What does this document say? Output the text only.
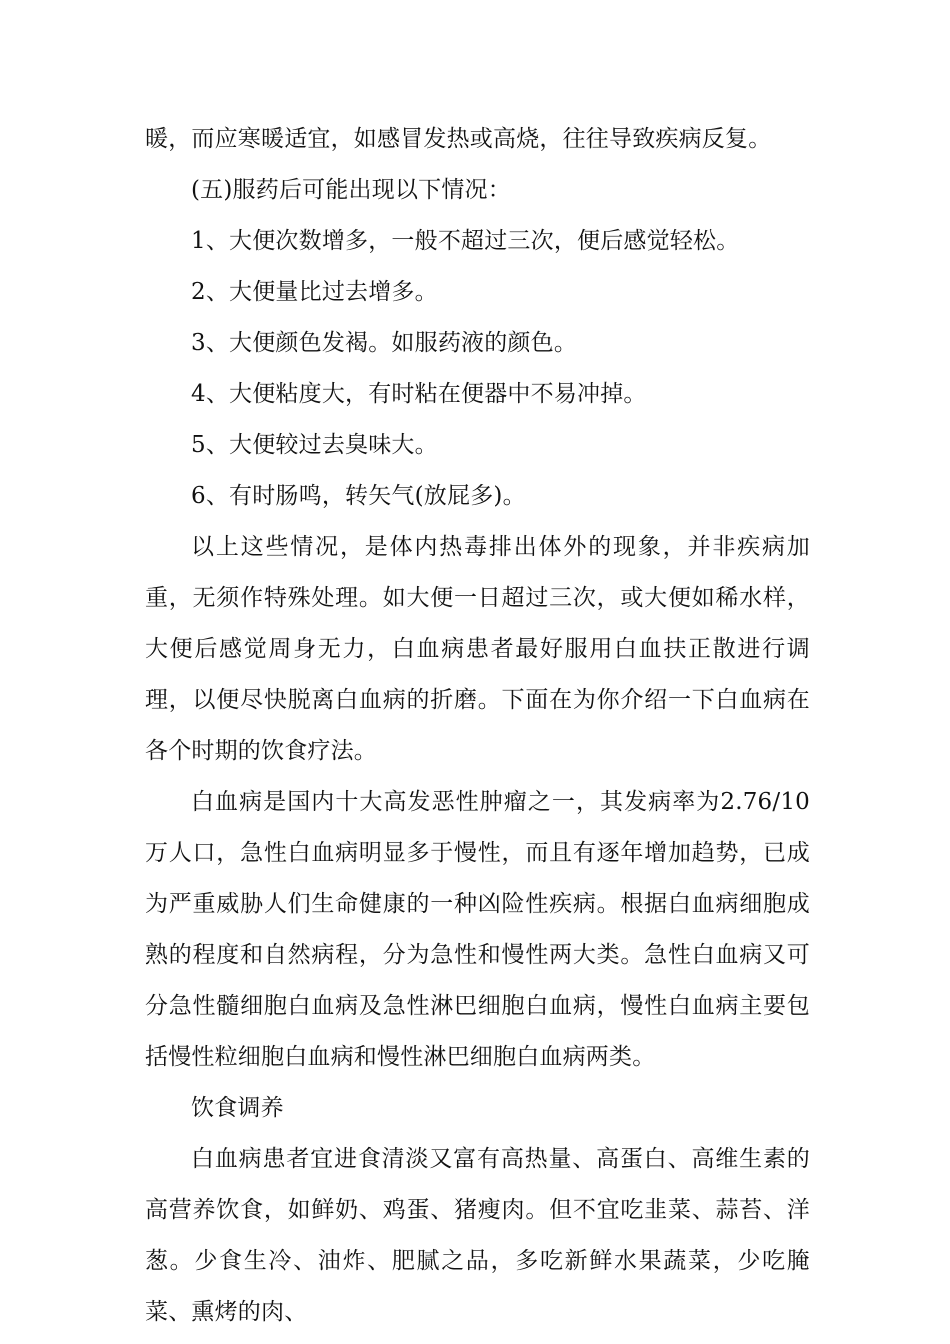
暖，而应寒暖适宜，如感冒发热或高烧，往往导致疾病反复。

(五)服药后可能出现以下情况：

1、大便次数增多，一般不超过三次，便后感觉轻松。

2、大便量比过去增多。

3、大便颜色发褐。如服药液的颜色。

4、大便粘度大，有时粘在便器中不易冲掉。

5、大便较过去臭味大。

6、有时肠鸣，转矢气(放屁多)。

以上这些情况，是体内热毒排出体外的现象，并非疾病加重，无须作特殊处理。如大便一日超过三次，或大便如稀水样，大便后感觉周身无力，白血病患者最好服用白血扶正散进行调理，以便尽快脱离白血病的折磨。下面在为你介绍一下白血病在各个时期的饮食疗法。

白血病是国内十大高发恶性肿瘤之一，其发病率为2.76/10万人口，急性白血病明显多于慢性，而且有逐年增加趋势，已成为严重威胁人们生命健康的一种凶险性疾病。根据白血病细胞成熟的程度和自然病程，分为急性和慢性两大类。急性白血病又可分急性髓细胞白血病及急性淋巴细胞白血病，慢性白血病主要包括慢性粒细胞白血病和慢性淋巴细胞白血病两类。

饮食调养

白血病患者宜进食清淡又富有高热量、高蛋白、高维生素的高营养饮食，如鲜奶、鸡蛋、猪瘦肉。但不宜吃韭菜、蒜苔、洋葱。少食生冷、油炸、肥腻之品，多吃新鲜水果蔬菜，少吃腌菜、熏烤的肉、
